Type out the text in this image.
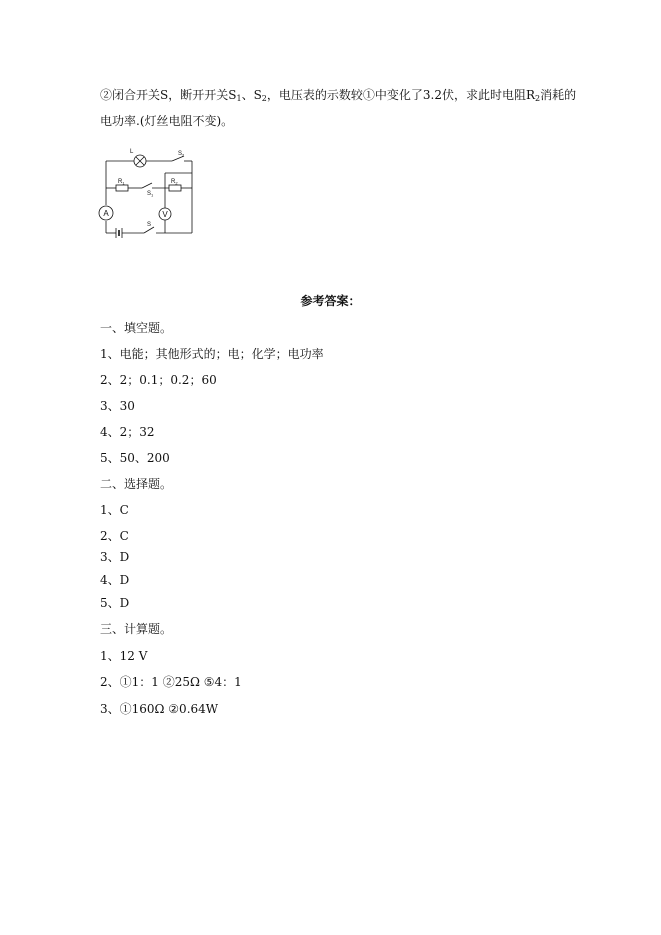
②闭合开关S，断开开关$S_1$、$S_2$，电压表的示数较①中变化了3.2伏，求此时电阻$R_2$消耗的
电功率.(灯丝电阻不变)。
A	V
L	$S_2$
$R_1$
$S_1$
$R_2$
S
参考答案：
一、填空题。
1、电能；其他形式的；电；化学；电功率
2、2；0.1；0.2；60
3、30
4、2；32
5、50、200
二、选择题。
1、C
2、C
3、D
4、D
5、D
三、计算题。
1、12 V
2、①1：1 ②25Ω ⑤4：1
3、①160Ω ②0.64W
